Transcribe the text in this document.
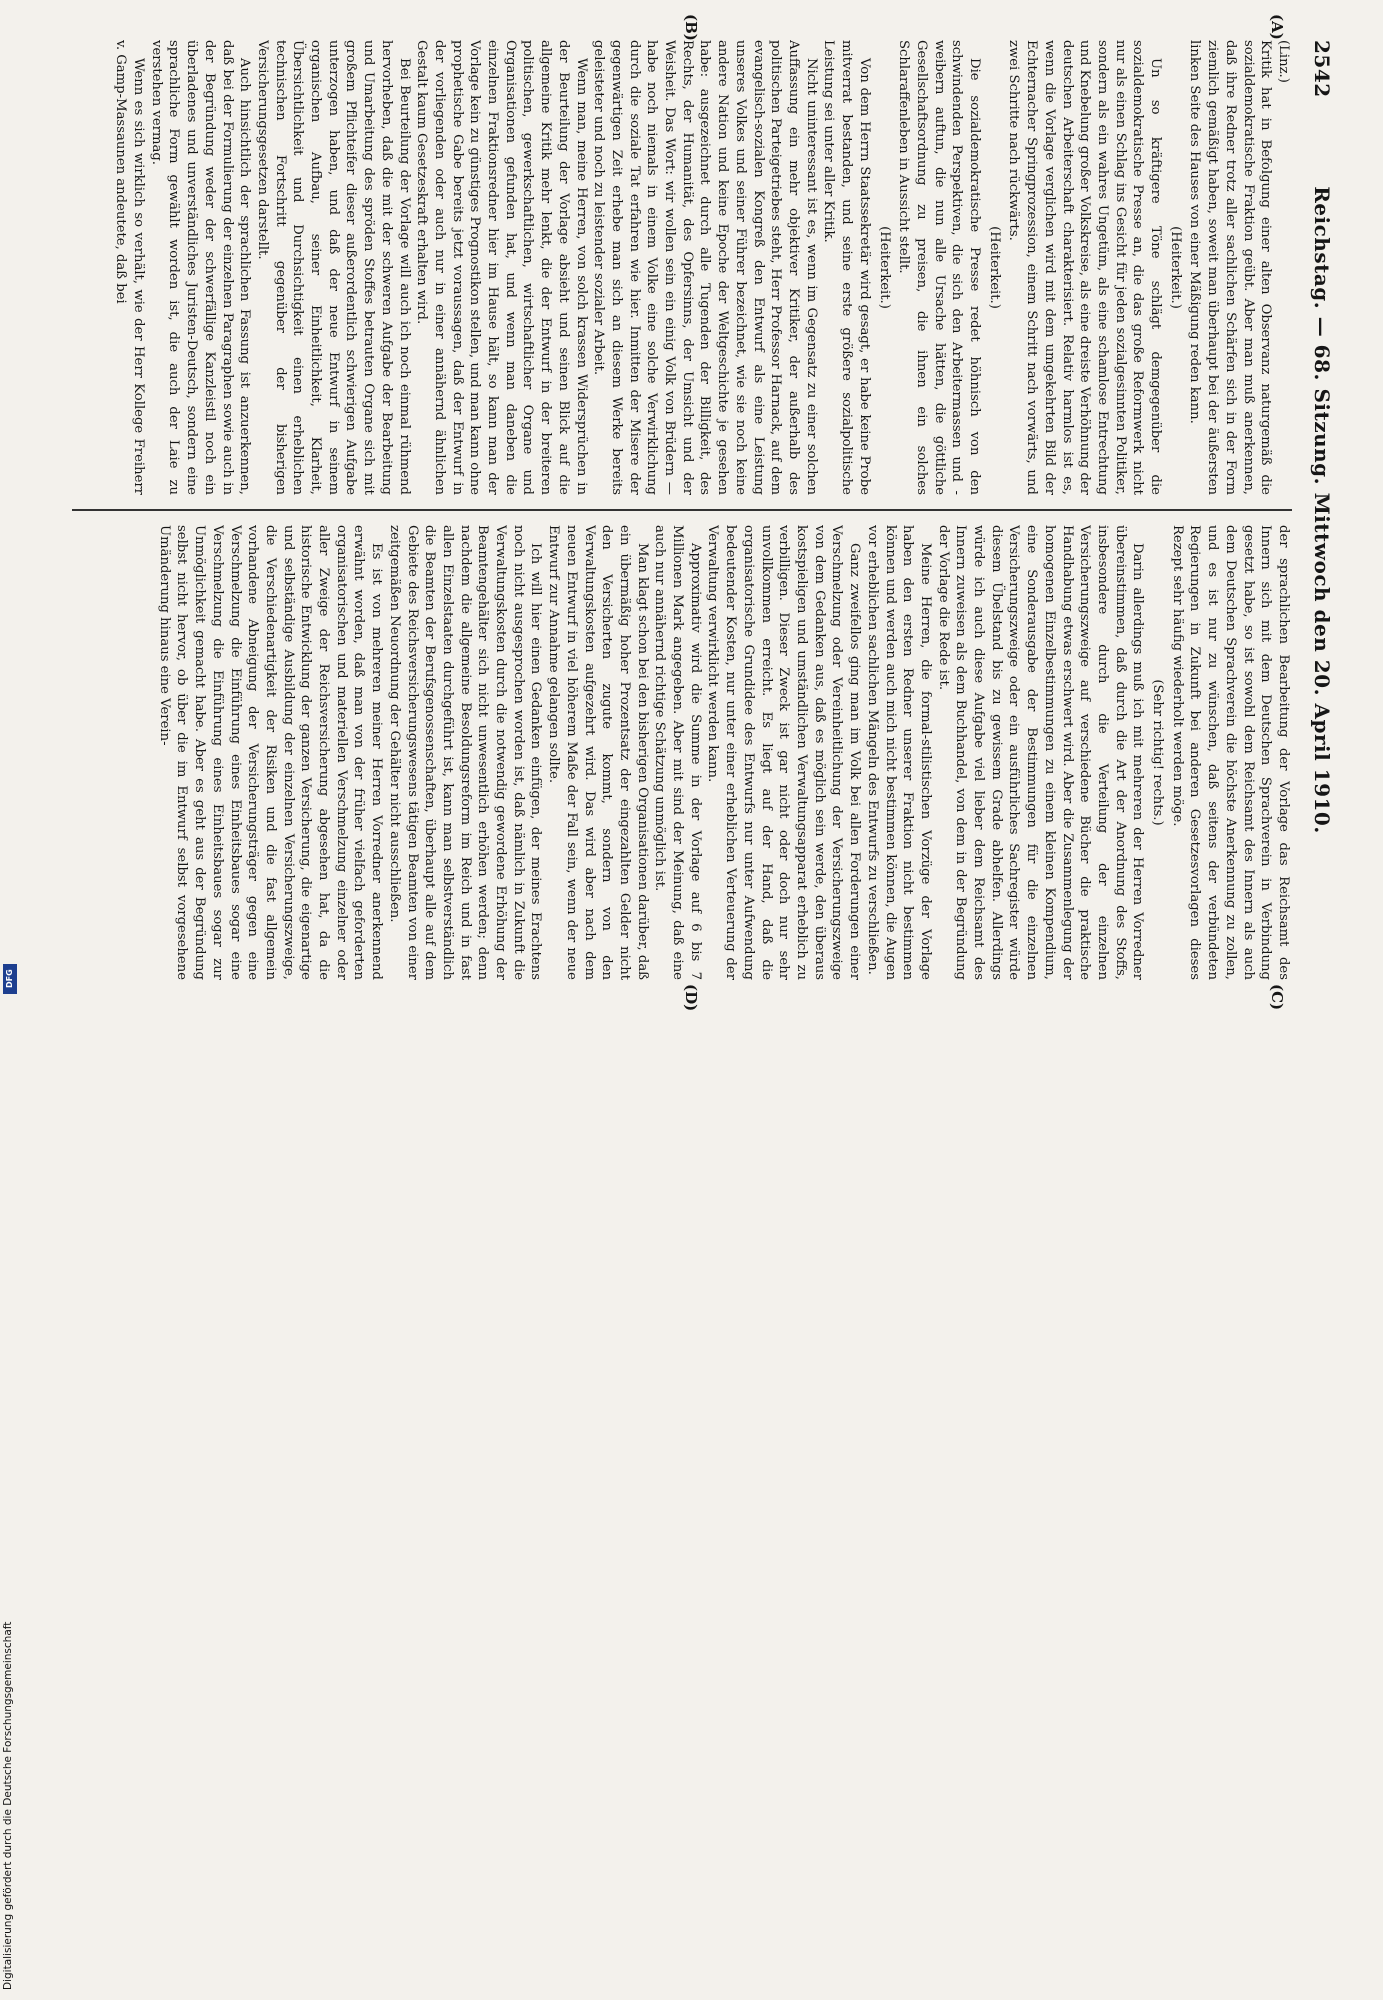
2542
Reichstag. — 68. Sitzung. Mittwoch den 20. April 1910.
(A)
(B)
(C)
(D)

(Linz.)

Kritik hat in Befolgung einer alten Observanz naturgemäß die sozialdemokratische Fraktion geübt. Aber man muß anerkennen, daß ihre Redner trotz aller sachlichen Schärfen sich in der Form ziemlich gemäßigt haben, soweit man überhaupt bei der äußersten linken Seite des Hauses von einer Mäßigung reden kann.

(Heiterkeit.)

Un so kräftigere Töne schlägt demgegenüber die sozialdemokratische Presse an, die das große Reformwerk nicht nur als einen Schlag ins Gesicht für jeden sozialgesinnten Politiker, sondern als ein wahres Ungetüm, als eine schamlose Entrechtung und Knebelung großer Volkskreise, als eine dreiste Verhöhnung der deutschen Arbeiterschaft charakterisiert. Relativ harmlos ist es, wenn die Vorlage verglichen wird mit dem umgekehrten Bild der Echternacher Springprozession, einem Schritt nach vorwärts, und zwei Schritte nach rückwärts.

(Heiterkeit.)

Die sozialdemokratische Presse redet höhnisch von den schwindenden Perspektiven, die sich den Arbeitermassen und -weibern auftun, die nun alle Ursache hätten, die göttliche Gesellschaftsordnung zu preisen, die ihnen ein solches Schlaraffenleben in Aussicht stellt.

(Heiterkeit.)

Von dem Herrn Staatssekretär wird gesagt, er habe keine Probe mitverrat bestanden, und seine erste größere sozialpolitische Leistung sei unter aller Kritik.

Nicht uninteressant ist es, wenn im Gegensatz zu einer solchen Auffassung ein mehr objektiver Kritiker, der außerhalb des politischen Parteigetriebes steht, Herr Professor Harnack, auf dem evangelisch-sozialen Kongreß den Entwurf als eine Leistung unseres Volkes und seiner Führer bezeichnet, wie sie noch keine andere Nation und keine Epoche der Weltgeschichte je gesehen habe: ausgezeichnet durch alle Tugenden der Billigkeit, des Rechts, der Humanität, des Opfersinns, der Umsicht und der Weisheit. Das Wort: wir wollen sein ein einig Volk von Brüdern — habe noch niemals in einem Volke eine solche Verwirklichung durch die soziale Tat erfahren wie hier. Inmitten der Misere der gegenwärtigen Zeit erhebe man sich an diesem Werke bereits geleisteter und noch zu leistender sozialer Arbeit.

Wenn man, meine Herren, von solch krassen Widersprüchen in der Beurteilung der Vorlage absieht und seinen Blick auf die allgemeine Kritik mehr lenkt, die der Entwurf in der breiteren politischen, gewerkschaftlichen, wirtschaftlicher Organe und Organisationen gefunden hat, und wenn man daneben die einzelnen Fraktionsredner hier im Hause hält, so kann man der Vorlage kein zu günstiges Prognostikon stellen, und man kann ohne prophetische Gabe bereits jetzt voraussagen, daß der Entwurf in der vorliegenden oder auch nur in einer annähernd ähnlichen Gestalt kaum Gesetzeskraft erhalten wird.

Bei Beurteilung der Vorlage will auch ich noch einmal rühmend hervorheben, daß die mit der schweren Aufgabe der Bearbeitung und Umarbeitung des spröden Stoffes betrauten Organe sich mit großem Pflichteifer dieser außerordentlich schwierigen Aufgabe unterzogen haben, und daß der neue Entwurf in seinem organischen Aufbau, seiner Einheitlichkeit, Klarheit, Übersichtlichkeit und Durchsichtigkeit einen erheblichen technischen Fortschritt gegenüber der bisherigen Versicherungsgesetzen darstellt.

Auch hinsichtlich der sprachlichen Fassung ist anzuerkennen, daß bei der Formulierung der einzelnen Paragraphen sowie auch in der Begründung weder der schwerfällige Kanzleistil noch ein überladenes und unverständliches Juristen-Deutsch, sondern eine sprachliche Form gewählt worden ist, die auch der Laie zu verstehen vermag.

Wenn es sich wirklich so verhält, wie der Herr Kollege Freiherr v. Gamp-Massaunen andeutete, daß bei

der sprachlichen Bearbeitung der Vorlage das Reichsamt des Innern sich mit dem Deutschen Sprachverein in Verbindung gesetzt habe, so ist sowohl dem Reichsamt des Innern als auch dem Deutschen Sprachverein die höchste Anerkennung zu zollen, und es ist nur zu wünschen, daß seitens der verbündeten Regierungen in Zukunft bei anderen Gesetzesvorlagen dieses Rezept sehr häufig wiederholt werden möge.

(Sehr richtig! rechts.)

Darin allerdings muß ich mit mehreren der Herren Vorredner übereinstimmen, daß durch die Art der Anordnung des Stoffs, insbesondere durch die Verteilung der einzelnen Versicherungszweige auf verschiedene Bücher die praktische Handhabung etwas erschwert wird. Aber die Zusammenlegung der homogenen Einzelbestimmungen zu einem kleinen Kompendium, eine Sonderausgabe der Bestimmungen für die einzelnen Versicherungszweige oder ein ausführliches Sachregister würde diesem Übelstand bis zu gewissem Grade abhelfen. Allerdings würde ich auch diese Aufgabe viel lieber dem Reichsamt des Innern zuweisen als dem Buchhandel, von dem in der Begründung der Vorlage die Rede ist.

Meine Herren, die formal-stilistischen Vorzüge der Vorlage haben den ersten Redner unserer Fraktion nicht bestimmen können und werden auch mich nicht bestimmen können, die Augen vor erheblichen sachlichen Mängeln des Entwurfs zu verschließen.

Ganz zweifellos ging man im Volk bei allen Forderungen einer Verschmelzung oder Vereinheitlichung der Versicherungszweige von dem Gedanken aus, daß es möglich sein werde, den überaus kostspieligen und umständlichen Verwaltungsapparat erheblich zu verbilligen. Dieser Zweck ist gar nicht oder doch nur sehr unvollkommen erreicht. Es liegt auf der Hand, daß die organisatorische Grundidee des Entwurfs nur unter Aufwendung bedeutender Kosten, nur unter einer erheblichen Verteuerung der Verwaltung verwirklicht werden kann.

Approximativ wird die Summe in der Vorlage auf 6 bis 7 Millionen Mark angegeben. Aber mit sind der Meinung, daß eine auch nur annähernd richtige Schätzung unmöglich ist.

Man klagt schon bei den bisherigen Organisationen darüber, daß ein übermäßig hoher Prozentsatz der eingezahlten Gelder nicht den Versicherten zugute kommt, sondern von den Verwaltungskosten aufgezehrt wird. Das wird aber nach dem neuen Entwurf in viel höherem Maße der Fall sein, wenn der neue Entwurf zur Annahme gelangen sollte.

Ich will hier einen Gedanken einfügen, der meines Erachtens noch nicht ausgesprochen worden ist, daß nämlich in Zukunft die Verwaltungskosten durch die notwendig gewordene Erhöhung der Beamtengehälter sich nicht unwesentlich erhöhen werden; denn nachdem die allgemeine Besoldungsreform im Reich und in fast allen Einzelstaaten durchgeführt ist, kann man selbstverständlich die Beamten der Berufsgenossenschaften, überhaupt alle auf dem Gebiete des Reichsversicherungswesens tätigen Beamten von einer zeitgemäßen Neuordnung der Gehälter nicht ausschließen.

Es ist von mehreren meiner Herren Vorredner anerkennend erwähnt worden, daß man von der früher vielfach geforderten organisatorischen und materiellen Verschmelzung einzelner oder aller Zweige der Reichsversicherung abgesehen hat, da die historische Entwicklung der ganzen Versicherung, die eigenartige und selbständige Ausbildung der einzelnen Versicherungszweige, die Verschiedenartigkeit der Risiken und die fast allgemein vorhandene Abneigung der Versicherungsträger gegen eine Verschmelzung die Einführung eines Einheitsbaues sogar eine Verschmelzung die Einführung eines Einheitsbaues sogar zur Unmöglichkeit gemacht habe. Aber es geht aus der Begründung selbst nicht hervor, ob über die im Entwurf selbst vorgesehene Umänderung hinaus eine Verein-

Digitalisierung gefördert durch die Deutsche Forschungsgemeinschaft
DFG
